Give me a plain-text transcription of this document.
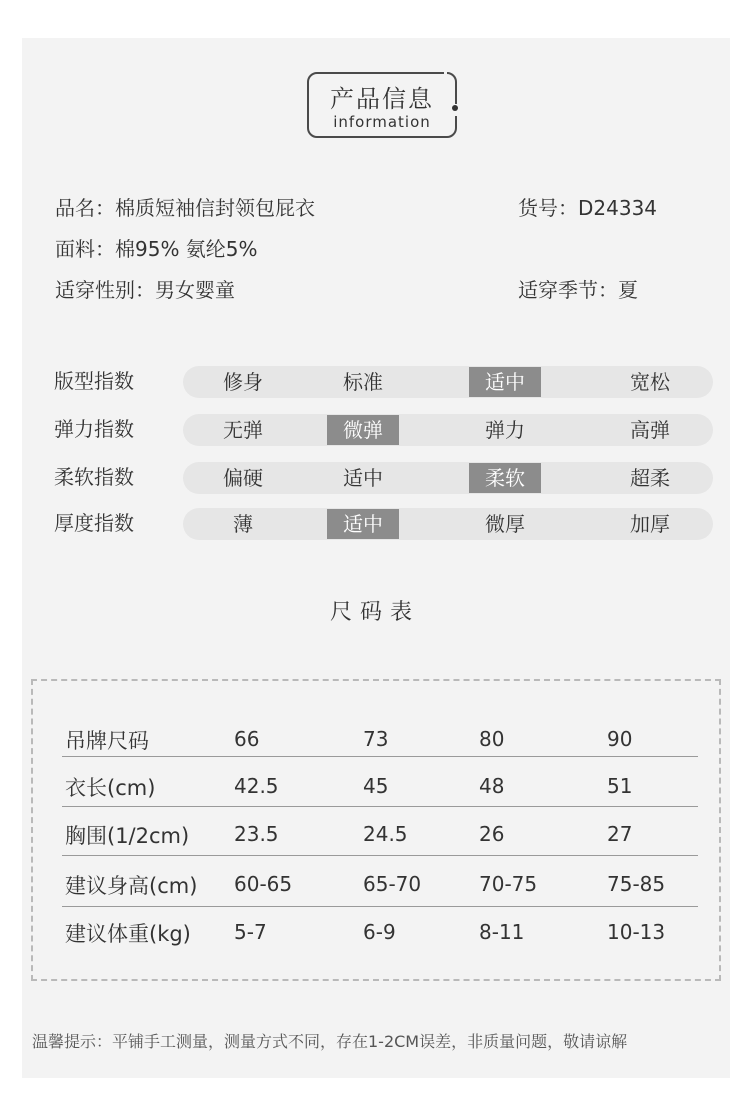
产品信息
information
品名：棉质短袖信封领包屁衣	货号：D24334
面料：棉95% 氨纶5%
适穿性别：男女婴童	适穿季节：夏
版型指数	修身	标准	适中	宽松
弹力指数	无弹	微弹	弹力	高弹
柔软指数	偏硬	适中	柔软	超柔
厚度指数	薄	适中	微厚	加厚
尺码表
吊牌尺码	66	73	80	90
衣长(cm)	42.5	45	48	51
胸围(1/2cm) 23.5	24.5	26	27
建议身高(cm) 60-65	65-70	70-75	75-85
建议体重(kg) 5-7	6-9	8-11	10-13
温馨提示：平铺手工测量，测量方式不同，存在1-2CM误差，非质量问题，敬请谅解
